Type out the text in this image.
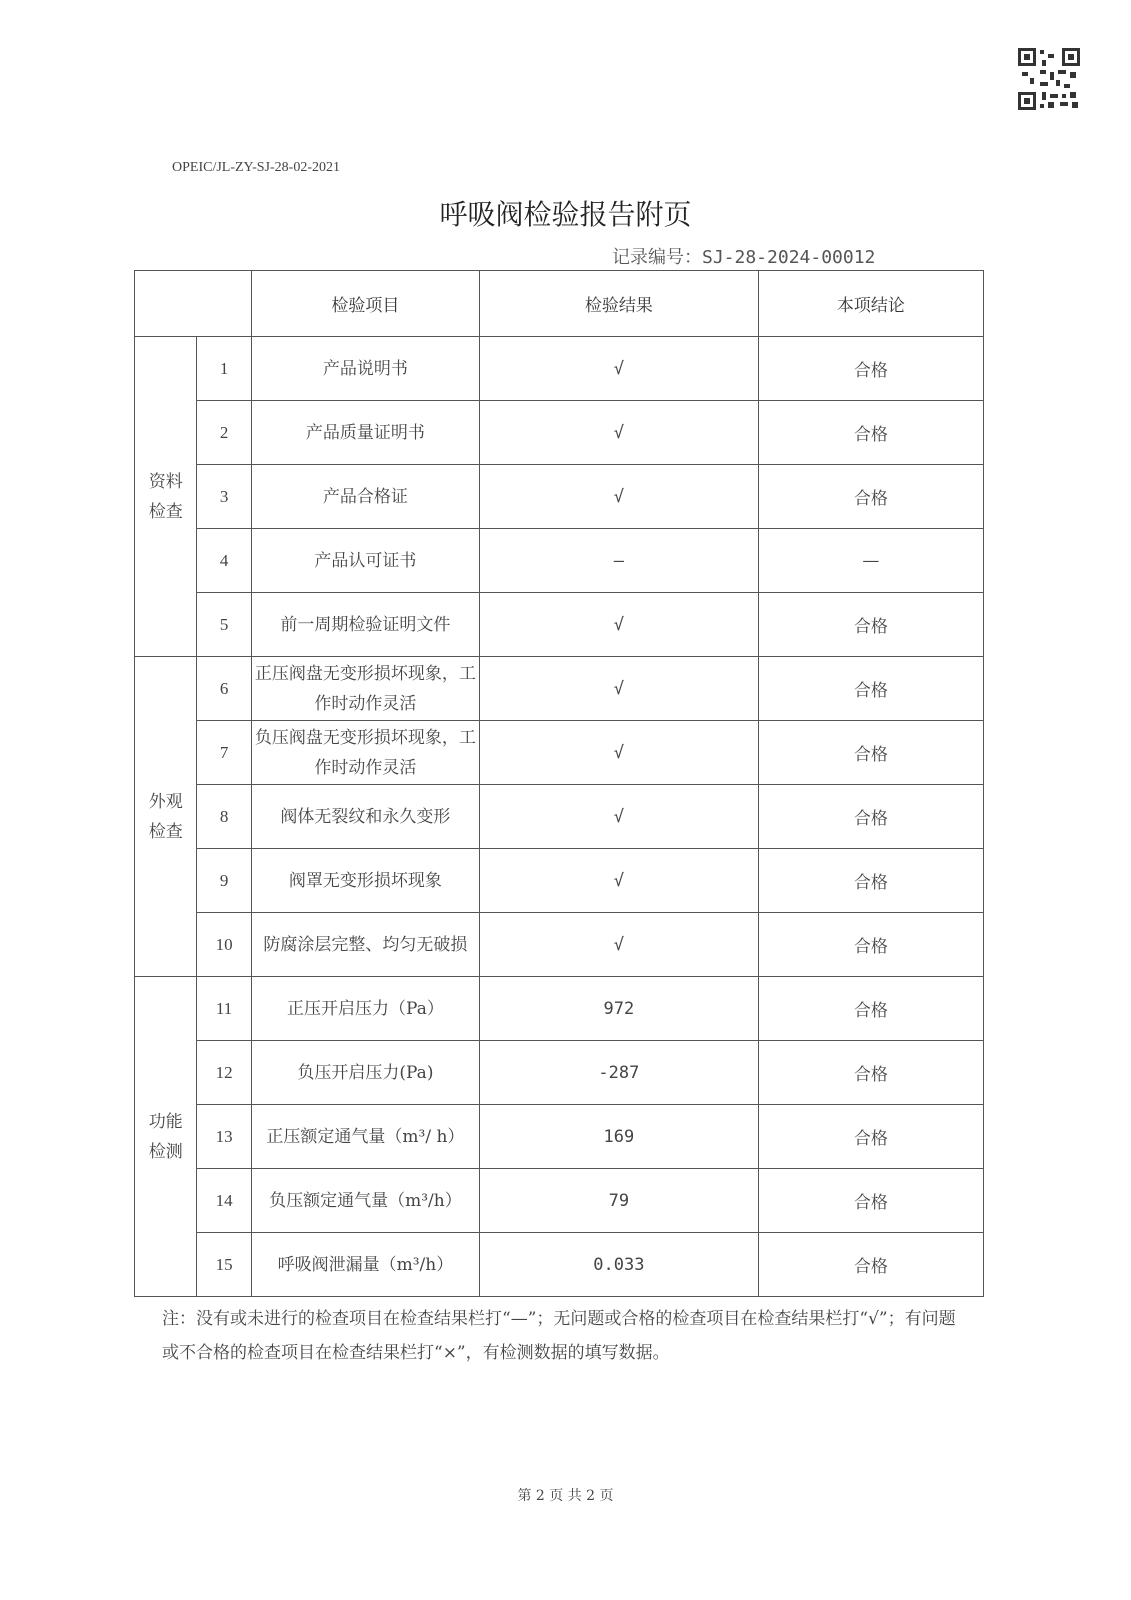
OPEIC/JL-ZY-SJ-28-02-2021
呼吸阀检验报告附页
记录编号：SJ-28-2024-00012
		检验项目	检验结果	本项结论

资料检查	1	产品说明书	√	合格
	2	产品质量证明书	√	合格
	3	产品合格证	√	合格
	4	产品认可证书	—	—
	5	前一周期检验证明文件	√	合格

外观检查	6	正压阀盘无变形损坏现象，工作时动作灵活	√	合格
	7	负压阀盘无变形损坏现象，工作时动作灵活	√	合格
	8	阀体无裂纹和永久变形	√	合格
	9	阀罩无变形损坏现象	√	合格
	10	防腐涂层完整、均匀无破损	√	合格

功能检测	11	正压开启压力（Pa）	972	合格
	12	负压开启压力(Pa)	-287	合格
	13	正压额定通气量（m³/ h）	169	合格
	14	负压额定通气量（m³/h）	79	合格
	15	呼吸阀泄漏量（m³/h）	0.033	合格
注：没有或未进行的检查项目在检查结果栏打“—”；无问题或合格的检查项目在检查结果栏打“√”；有问题或不合格的检查项目在检查结果栏打“×”，有检测数据的填写数据。
第 2 页 共 2 页
